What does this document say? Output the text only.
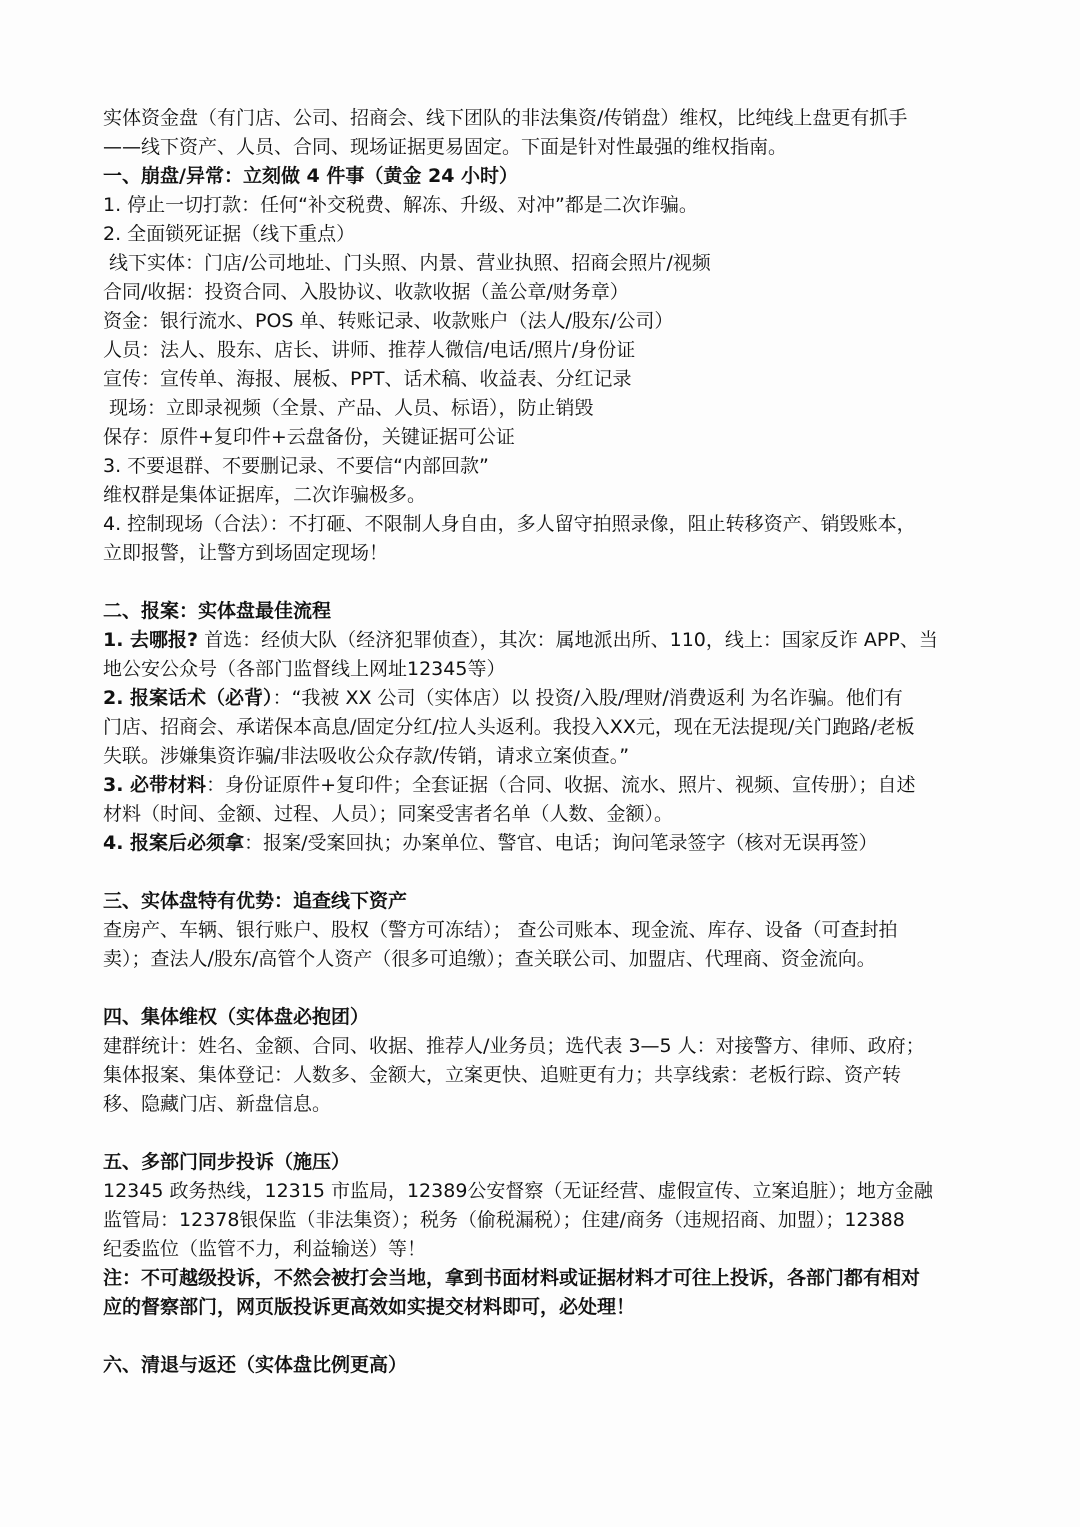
实体资金盘（有门店、公司、招商会、线下团队的非法集资/传销盘）维权，比纯线上盘更有抓手
——线下资产、人员、合同、现场证据更易固定。下面是针对性最强的维权指南。
一、崩盘/异常：立刻做 4 件事（黄金 24 小时）
1. 停止一切打款：任何“补交税费、解冻、升级、对冲”都是二次诈骗。
2. 全面锁死证据（线下重点）
线下实体：门店/公司地址、门头照、内景、营业执照、招商会照片/视频
合同/收据：投资合同、入股协议、收款收据（盖公章/财务章）
资金：银行流水、POS 单、转账记录、收款账户（法人/股东/公司）
人员：法人、股东、店长、讲师、推荐人微信/电话/照片/身份证
宣传：宣传单、海报、展板、PPT、话术稿、收益表、分红记录
现场：立即录视频（全景、产品、人员、标语），防止销毁
保存：原件+复印件+云盘备份，关键证据可公证
3. 不要退群、不要删记录、不要信“内部回款”
维权群是集体证据库，二次诈骗极多。
4. 控制现场（合法）：不打砸、不限制人身自由，多人留守拍照录像，阻止转移资产、销毁账本，
立即报警，让警方到场固定现场！
二、报案：实体盘最佳流程
1. 去哪报? 首选：经侦大队（经济犯罪侦查），其次：属地派出所、110，线上：国家反诈 APP、当
地公安公众号（各部门监督线上网址12345等）
2. 报案话术（必背）：“我被 XX 公司（实体店）以 投资/入股/理财/消费返利 为名诈骗。他们有
门店、招商会、承诺保本高息/固定分红/拉人头返利。我投入XX元，现在无法提现/关门跑路/老板
失联。涉嫌集资诈骗/非法吸收公众存款/传销，请求立案侦查。”
3. 必带材料：身份证原件+复印件；全套证据（合同、收据、流水、照片、视频、宣传册）；自述
材料（时间、金额、过程、人员）；同案受害者名单（人数、金额）。
4. 报案后必须拿：报案/受案回执；办案单位、警官、电话；询问笔录签字（核对无误再签）
三、实体盘特有优势：追查线下资产
查房产、车辆、银行账户、股权（警方可冻结）； 查公司账本、现金流、库存、设备（可查封拍
卖）；查法人/股东/高管个人资产（很多可追缴）；查关联公司、加盟店、代理商、资金流向。
四、集体维权（实体盘必抱团）
建群统计：姓名、金额、合同、收据、推荐人/业务员；选代表 3—5 人：对接警方、律师、政府；
集体报案、集体登记：人数多、金额大，立案更快、追赃更有力；共享线索：老板行踪、资产转
移、隐藏门店、新盘信息。
五、多部门同步投诉（施压）
12345 政务热线，12315 市监局，12389公安督察（无证经营、虚假宣传、立案追脏）；地方金融
监管局：12378银保监（非法集资）；税务（偷税漏税）；住建/商务（违规招商、加盟）；12388
纪委监位（监管不力，利益输送）等！
注：不可越级投诉，不然会被打会当地，拿到书面材料或证据材料才可往上投诉，各部门都有相对
应的督察部门，网页版投诉更高效如实提交材料即可，必处理！
六、清退与返还（实体盘比例更高）
